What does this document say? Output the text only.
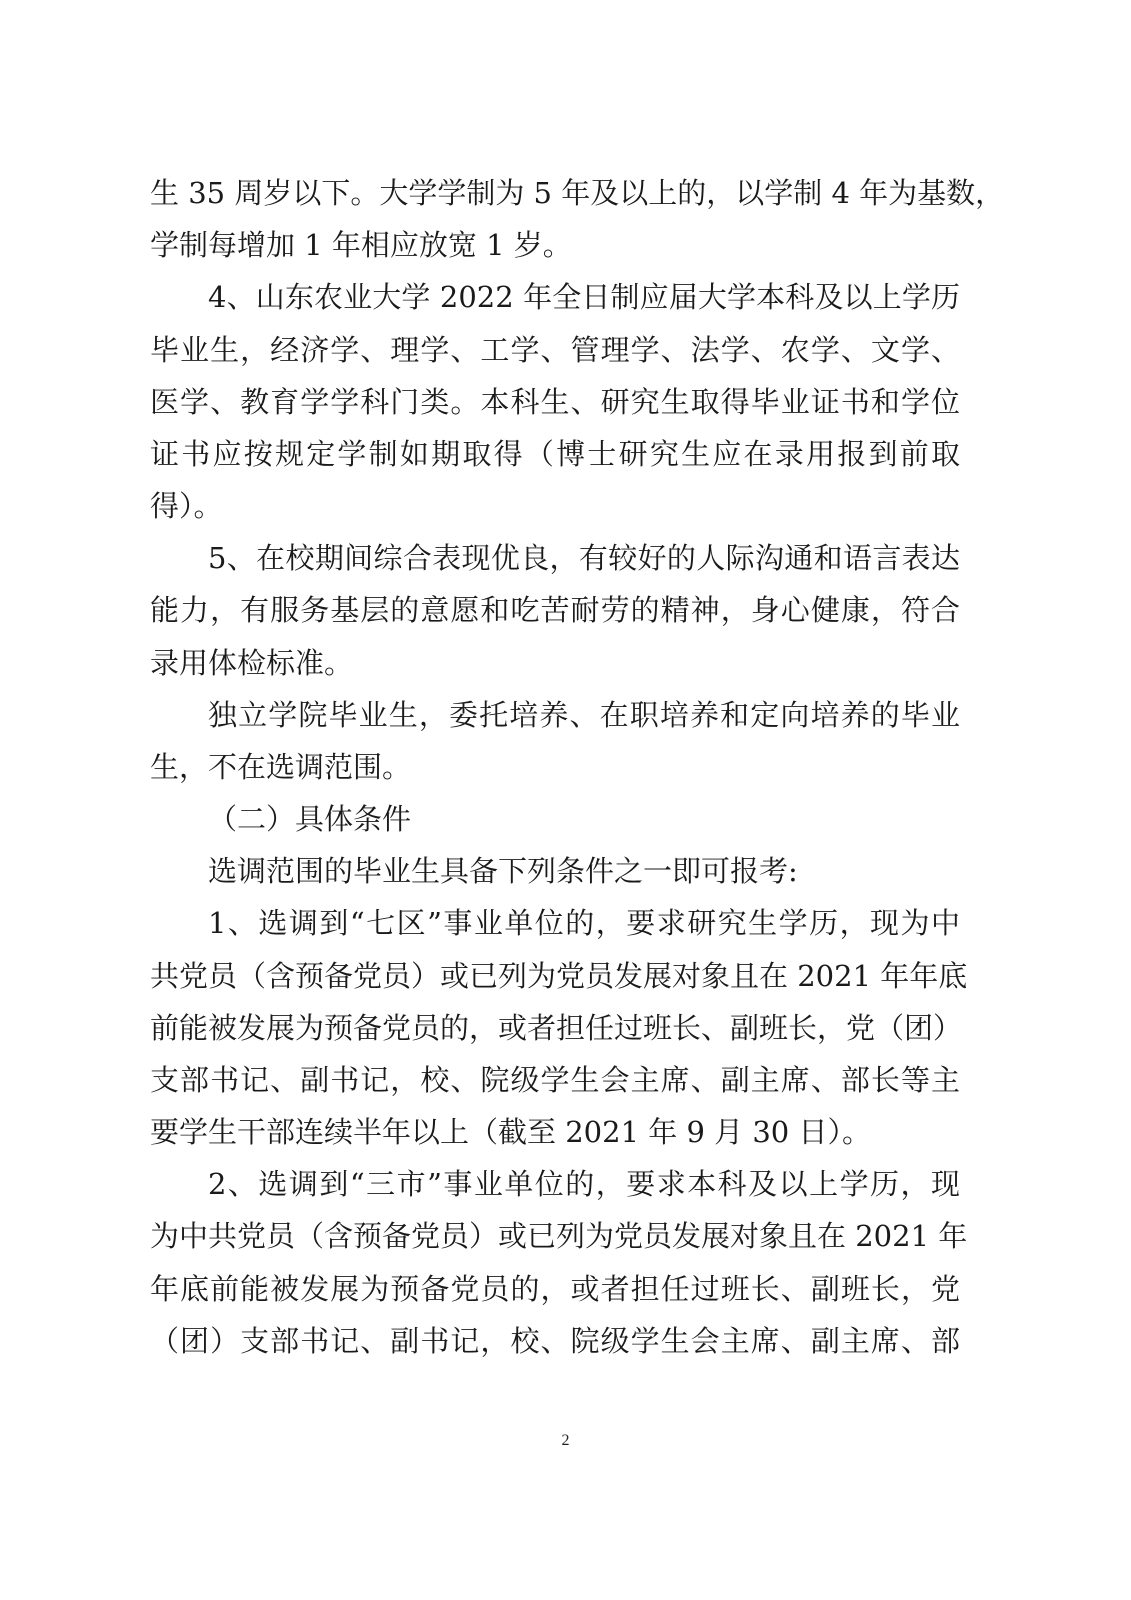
生 35 周岁以下。大学学制为 5 年及以上的，以学制 4 年为基数，
学制每增加 1 年相应放宽 1 岁。
4、山东农业大学 2022 年全日制应届大学本科及以上学历
毕业生，经济学、理学、工学、管理学、法学、农学、文学、
医学、教育学学科门类。本科生、研究生取得毕业证书和学位
证书应按规定学制如期取得（博士研究生应在录用报到前取
得）。
5、在校期间综合表现优良，有较好的人际沟通和语言表达
能力，有服务基层的意愿和吃苦耐劳的精神，身心健康，符合
录用体检标准。
独立学院毕业生，委托培养、在职培养和定向培养的毕业
生，不在选调范围。
（二）具体条件
选调范围的毕业生具备下列条件之一即可报考:
1、选调到“七区”事业单位的，要求研究生学历，现为中
共党员（含预备党员）或已列为党员发展对象且在 2021 年年底
前能被发展为预备党员的，或者担任过班长、副班长，党（团）
支部书记、副书记，校、院级学生会主席、副主席、部长等主
要学生干部连续半年以上（截至 2021 年 9 月 30 日）。
2、选调到“三市”事业单位的，要求本科及以上学历，现
为中共党员（含预备党员）或已列为党员发展对象且在 2021 年
年底前能被发展为预备党员的，或者担任过班长、副班长，党
（团）支部书记、副书记，校、院级学生会主席、副主席、部
2
